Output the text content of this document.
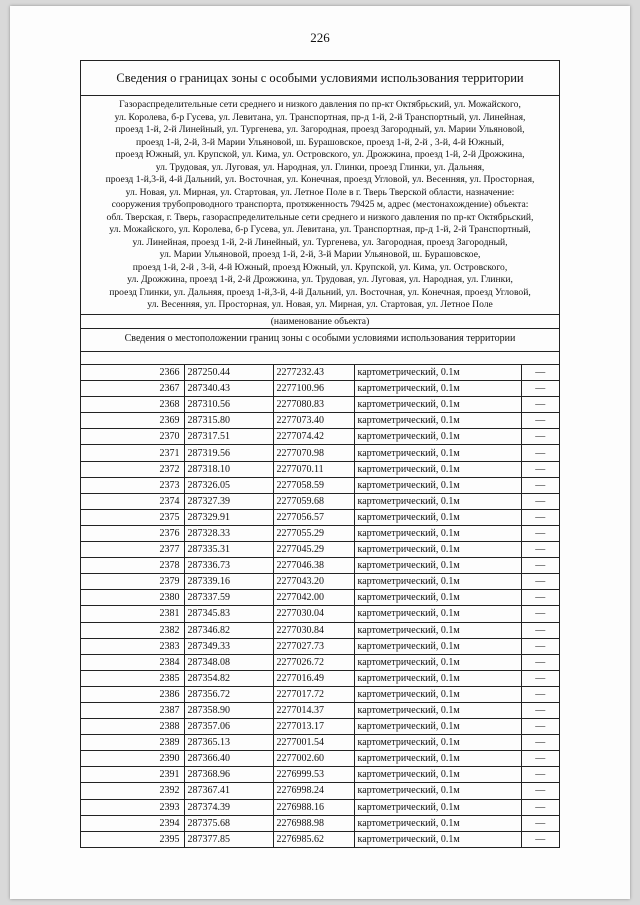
226
Сведения о границах зоны с особыми условиями использования территории
Газораспределительные сети среднего и низкого давления по пр-кт Октябрьский, ул. Можайского,
ул. Королева, б-р Гусева, ул. Левитана, ул. Транспортная, пр-д 1-й, 2-й Транспортный, ул. Линейная,
проезд 1-й, 2-й Линейный, ул. Тургенева, ул. Загородная, проезд Загородный, ул. Марии Ульяновой,
проезд 1-й, 2-й, 3-й Марии Ульяновой, ш. Бурашовское, проезд 1-й, 2-й , 3-й, 4-й Южный,
проезд Южный, ул. Крупской, ул. Кима, ул. Островского, ул. Дрожжина, проезд 1-й, 2-й Дрожжина,
ул. Трудовая, ул. Луговая, ул. Народная, ул. Глинки, проезд Глинки, ул. Дальняя,
проезд 1-й,3-й, 4-й Дальний, ул. Восточная, ул. Конечная, проезд Угловой, ул. Весенняя, ул. Просторная,
ул. Новая, ул. Мирная, ул. Стартовая, ул. Летное Поле в г. Тверь Тверской области, назначение:
сооружения трубопроводного транспорта, протяженность 79425 м, адрес (местонахождение) объекта:
обл. Тверская, г. Тверь, газораспределительные сети среднего и низкого давления по пр-кт Октябрьский,
ул. Можайского, ул. Королева, б-р Гусева, ул. Левитана, ул. Транспортная, пр-д 1-й, 2-й Транспортный,
ул. Линейная, проезд 1-й, 2-й Линейный, ул. Тургенева, ул. Загородная, проезд Загородный,
ул. Марии Ульяновой, проезд 1-й, 2-й, 3-й Марии Ульяновой, ш. Бурашовское,
проезд 1-й, 2-й , 3-й, 4-й Южный, проезд Южный, ул. Крупской, ул. Кима, ул. Островского,
ул. Дрожжина, проезд 1-й, 2-й Дрожжина, ул. Трудовая, ул. Луговая, ул. Народная, ул. Глинки,
проезд Глинки, ул. Дальняя, проезд 1-й,3-й, 4-й Дальний, ул. Восточная, ул. Конечная, проезд Угловой,
ул. Весенняя, ул. Просторная, ул. Новая, ул. Мирная, ул. Стартовая, ул. Летное Поле
(наименование объекта)
Сведения о местоположении границ зоны с особыми условиями использования территории
2366	287250.44	2277232.43	картометрический, 0.1м	—
2367	287340.43	2277100.96	картометрический, 0.1м	—
2368	287310.56	2277080.83	картометрический, 0.1м	—
2369	287315.80	2277073.40	картометрический, 0.1м	—
2370	287317.51	2277074.42	картометрический, 0.1м	—
2371	287319.56	2277070.98	картометрический, 0.1м	—
2372	287318.10	2277070.11	картометрический, 0.1м	—
2373	287326.05	2277058.59	картометрический, 0.1м	—
2374	287327.39	2277059.68	картометрический, 0.1м	—
2375	287329.91	2277056.57	картометрический, 0.1м	—
2376	287328.33	2277055.29	картометрический, 0.1м	—
2377	287335.31	2277045.29	картометрический, 0.1м	—
2378	287336.73	2277046.38	картометрический, 0.1м	—
2379	287339.16	2277043.20	картометрический, 0.1м	—
2380	287337.59	2277042.00	картометрический, 0.1м	—
2381	287345.83	2277030.04	картометрический, 0.1м	—
2382	287346.82	2277030.84	картометрический, 0.1м	—
2383	287349.33	2277027.73	картометрический, 0.1м	—
2384	287348.08	2277026.72	картометрический, 0.1м	—
2385	287354.82	2277016.49	картометрический, 0.1м	—
2386	287356.72	2277017.72	картометрический, 0.1м	—
2387	287358.90	2277014.37	картометрический, 0.1м	—
2388	287357.06	2277013.17	картометрический, 0.1м	—
2389	287365.13	2277001.54	картометрический, 0.1м	—
2390	287366.40	2277002.60	картометрический, 0.1м	—
2391	287368.96	2276999.53	картометрический, 0.1м	—
2392	287367.41	2276998.24	картометрический, 0.1м	—
2393	287374.39	2276988.16	картометрический, 0.1м	—
2394	287375.68	2276988.98	картометрический, 0.1м	—
2395	287377.85	2276985.62	картометрический, 0.1м	—
